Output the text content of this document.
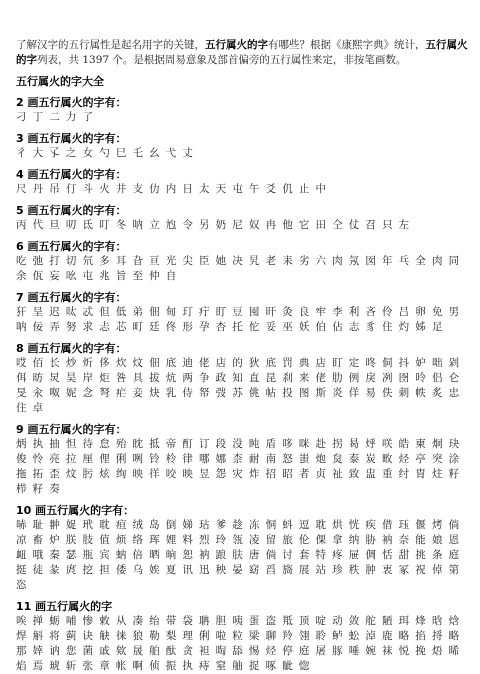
了解汉字的五行属性是起名用字的关键，五行属火的字有哪些？根据《康熙字典》统计，五行属火的字列表，共 1397 个。是根据周易意象及部首偏旁的五行属性来定，非按笔画数。

五行属火的字大全
2 画五行属火的字有：
刁 丁 二 力 了
3 画五行属火的字有：
彳 大 孓 之 女 勺 巳 乇 幺 弋 丈
4 画五行属火的字有：
尺 丹 吊 仃 斗 火 井 支 仂 内 日 太 天 屯 午 爻 仉 止 中
5 画五行属火的字有：
丙 代 旦 叨 氐 叮 冬 呐 立 尥 令 另 奶 尼 奴 冉 他 它 田 仝 仗 召 只 左
6 画五行属火的字有：
吃 弛 打 切 氘 多 耳 旮 亘 光 尖 臣 她 决 旯 老 耒 劣 六 肉 氖 囡 年 乓 全 肉 同 余 佤 妄 吆 屯 兆 旨 至 仲 自
7 画五行属火的字有：
犴 呈 迟 呔 忒 但 低 弟 佃 甸 玎 疔 盯 豆 囤 旰 灸 良 牢 李 利 吝 伶 吕 卵 免 男 呐 佞 弄 努 求 忐 芯 町 廷 佟 形 孕 杏 托 佗 妥 巫 妖 伯 佔 志 豸 住 灼 姊 足
8 画五行属火的字有：
哎 佰 长 炒 炘 侈 炊 炆 佃 底 迪 佬 店 的 狄 底 罚 典 店 盯 定 咚 侗 抖 妒 咄 剁 佴 昉 炅 昊 岸 炬 咎 具 拔 炕 两 争 政 知 直 昆 刹 来 佬 肋 例 戾 冽 囹 呤 侣 仑 旻 汆 呶 妮 念 弩 疟 妾 炔 乳 侍 帑 弢 苏 佻 帖 投 图 斯 炎 佯 易 佚 刺 帙 炙 忠 住 卓
9 画五行属火的字有：
炳 执 抽 怛 待 怠 殆 眈 抵 帝 酊 订 段 没 盹 盾 哆 咪 赴 拐 曷 烀 咲 皓 柬 炯 玦 俊 怜 亮 拉 厘 俚 俐 咧 铃 柃 律 哪 娜 柰 耐 南 怒 蚩 炮 炱 泰 炭 畋 烃 亭 突 涂 拖 拓 歪 炆 肟 炫 绚 映 徉 咬 映 昱 怨 灾 炸 招 昭 者 贞 祉 致 盅 重 纣 胄 炷 籽 栉 籽 奏
10 画五行属火的字有：
哧 耻 翀 娖 玳 耽 疸 绒 岛 倒 娣 玷 爹 趁 冻 恫 蚪 逗 耽 烘 恍 疾 借 珏 偃 烤 倘 凉 畜 炉 朕 肢 值 烦 络 珲 娌 料 烈 玲 瓴 凌 留 旅 伦 倮 拿 纳 胁 衲 奈 能 娘 恩 衄 哦 秦 瑟 瓶 宾 蚋 倍 晒 晌 恕 衲 踉 肤 唐 倘 讨 套 特 疼 屉 倜 恬 甜 挑 条 庭 挺 徒 彖 庹 挖 担 倭 乌 娭 夏 讯 迅 秧 晏 窈 舀 旖 展 站 珍 秩 肿 衷 冢 祝 倬 第 恣
11 画五行属火的字
唉 掸 蛎 哺 惨 敕 从 凑 绐 带 袋 聃 胆 咦 蛋 盗 羝 顶 啶 动 敛 舵 陋 珥 烽 晗 焓 焊 斛 将 蓟 诀 觖 徕 狼 勒 梨 理 俐 啦 粒 梁 聊 羚 翎 聆 鲈 蚣 淖 鹿 略 掐 捋 略 那 婞 讷 您 菌 戚 欸 晟 舶 酞 贪 袒 啕 舔 惕 烃 停 庭 屠 豚 唾 婉 袜 悦 挽 焐 晞 焰 焉 琥 斩 张 章 帐 啊 侦 振 执 痔 窒 舳 捉 啄 眦 惚
